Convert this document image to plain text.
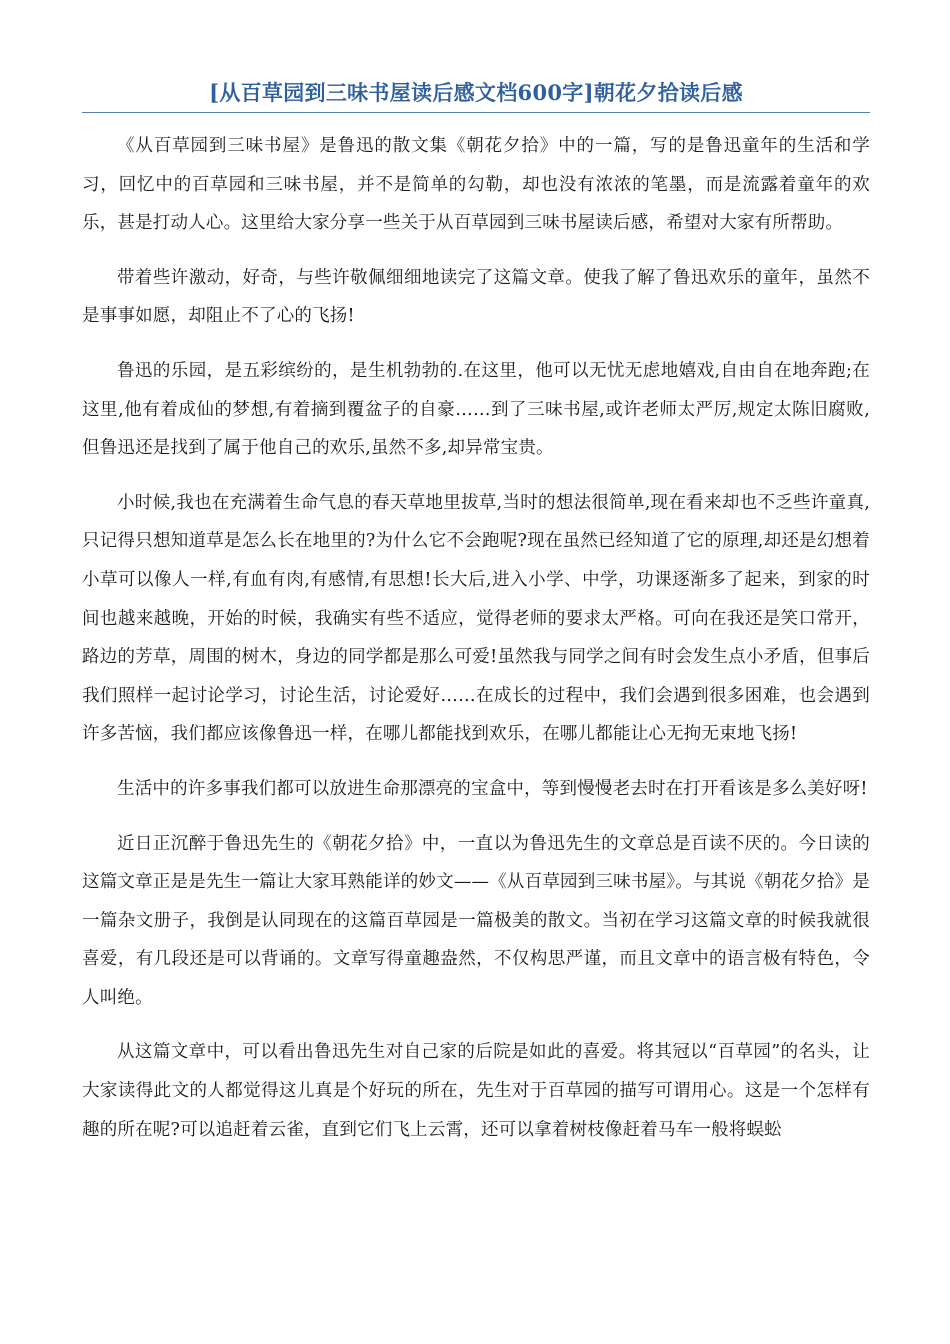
[从百草园到三味书屋读后感文档600字]朝花夕拾读后感

《从百草园到三味书屋》是鲁迅的散文集《朝花夕拾》中的一篇，写的是鲁迅童年的生活和学习，回忆中的百草园和三味书屋，并不是简单的勾勒，却也没有浓浓的笔墨，而是流露着童年的欢乐，甚是打动人心。这里给大家分享一些关于从百草园到三味书屋读后感，希望对大家有所帮助。

带着些许激动，好奇，与些许敬佩细细地读完了这篇文章。使我了解了鲁迅欢乐的童年，虽然不是事事如愿，却阻止不了心的飞扬!

鲁迅的乐园，是五彩缤纷的，是生机勃勃的.在这里，他可以无忧无虑地嬉戏,自由自在地奔跑;在这里,他有着成仙的梦想,有着摘到覆盆子的自豪……到了三味书屋,或许老师太严厉,规定太陈旧腐败,但鲁迅还是找到了属于他自己的欢乐,虽然不多,却异常宝贵。

小时候,我也在充满着生命气息的春天草地里拔草,当时的想法很简单,现在看来却也不乏些许童真,只记得只想知道草是怎么长在地里的?为什么它不会跑呢?现在虽然已经知道了它的原理,却还是幻想着小草可以像人一样,有血有肉,有感情,有思想!长大后,进入小学、中学，功课逐渐多了起来，到家的时间也越来越晚，开始的时候，我确实有些不适应，觉得老师的要求太严格。可向在我还是笑口常开，路边的芳草，周围的树木，身边的同学都是那么可爱!虽然我与同学之间有时会发生点小矛盾，但事后我们照样一起讨论学习，讨论生活，讨论爱好……在成长的过程中，我们会遇到很多困难，也会遇到许多苦恼，我们都应该像鲁迅一样，在哪儿都能找到欢乐，在哪儿都能让心无拘无束地飞扬!

生活中的许多事我们都可以放进生命那漂亮的宝盒中，等到慢慢老去时在打开看该是多么美好呀!

近日正沉醉于鲁迅先生的《朝花夕拾》中，一直以为鲁迅先生的文章总是百读不厌的。今日读的这篇文章正是是先生一篇让大家耳熟能详的妙文——《从百草园到三味书屋》。与其说《朝花夕拾》是一篇杂文册子，我倒是认同现在的这篇百草园是一篇极美的散文。当初在学习这篇文章的时候我就很喜爱，有几段还是可以背诵的。文章写得童趣盎然，不仅构思严谨，而且文章中的语言极有特色，令人叫绝。

从这篇文章中，可以看出鲁迅先生对自己家的后院是如此的喜爱。将其冠以“百草园”的名头，让大家读得此文的人都觉得这儿真是个好玩的所在，先生对于百草园的描写可谓用心。这是一个怎样有趣的所在呢?可以追赶着云雀，直到它们飞上云霄，还可以拿着树枝像赶着马车一般将蜈蚣
